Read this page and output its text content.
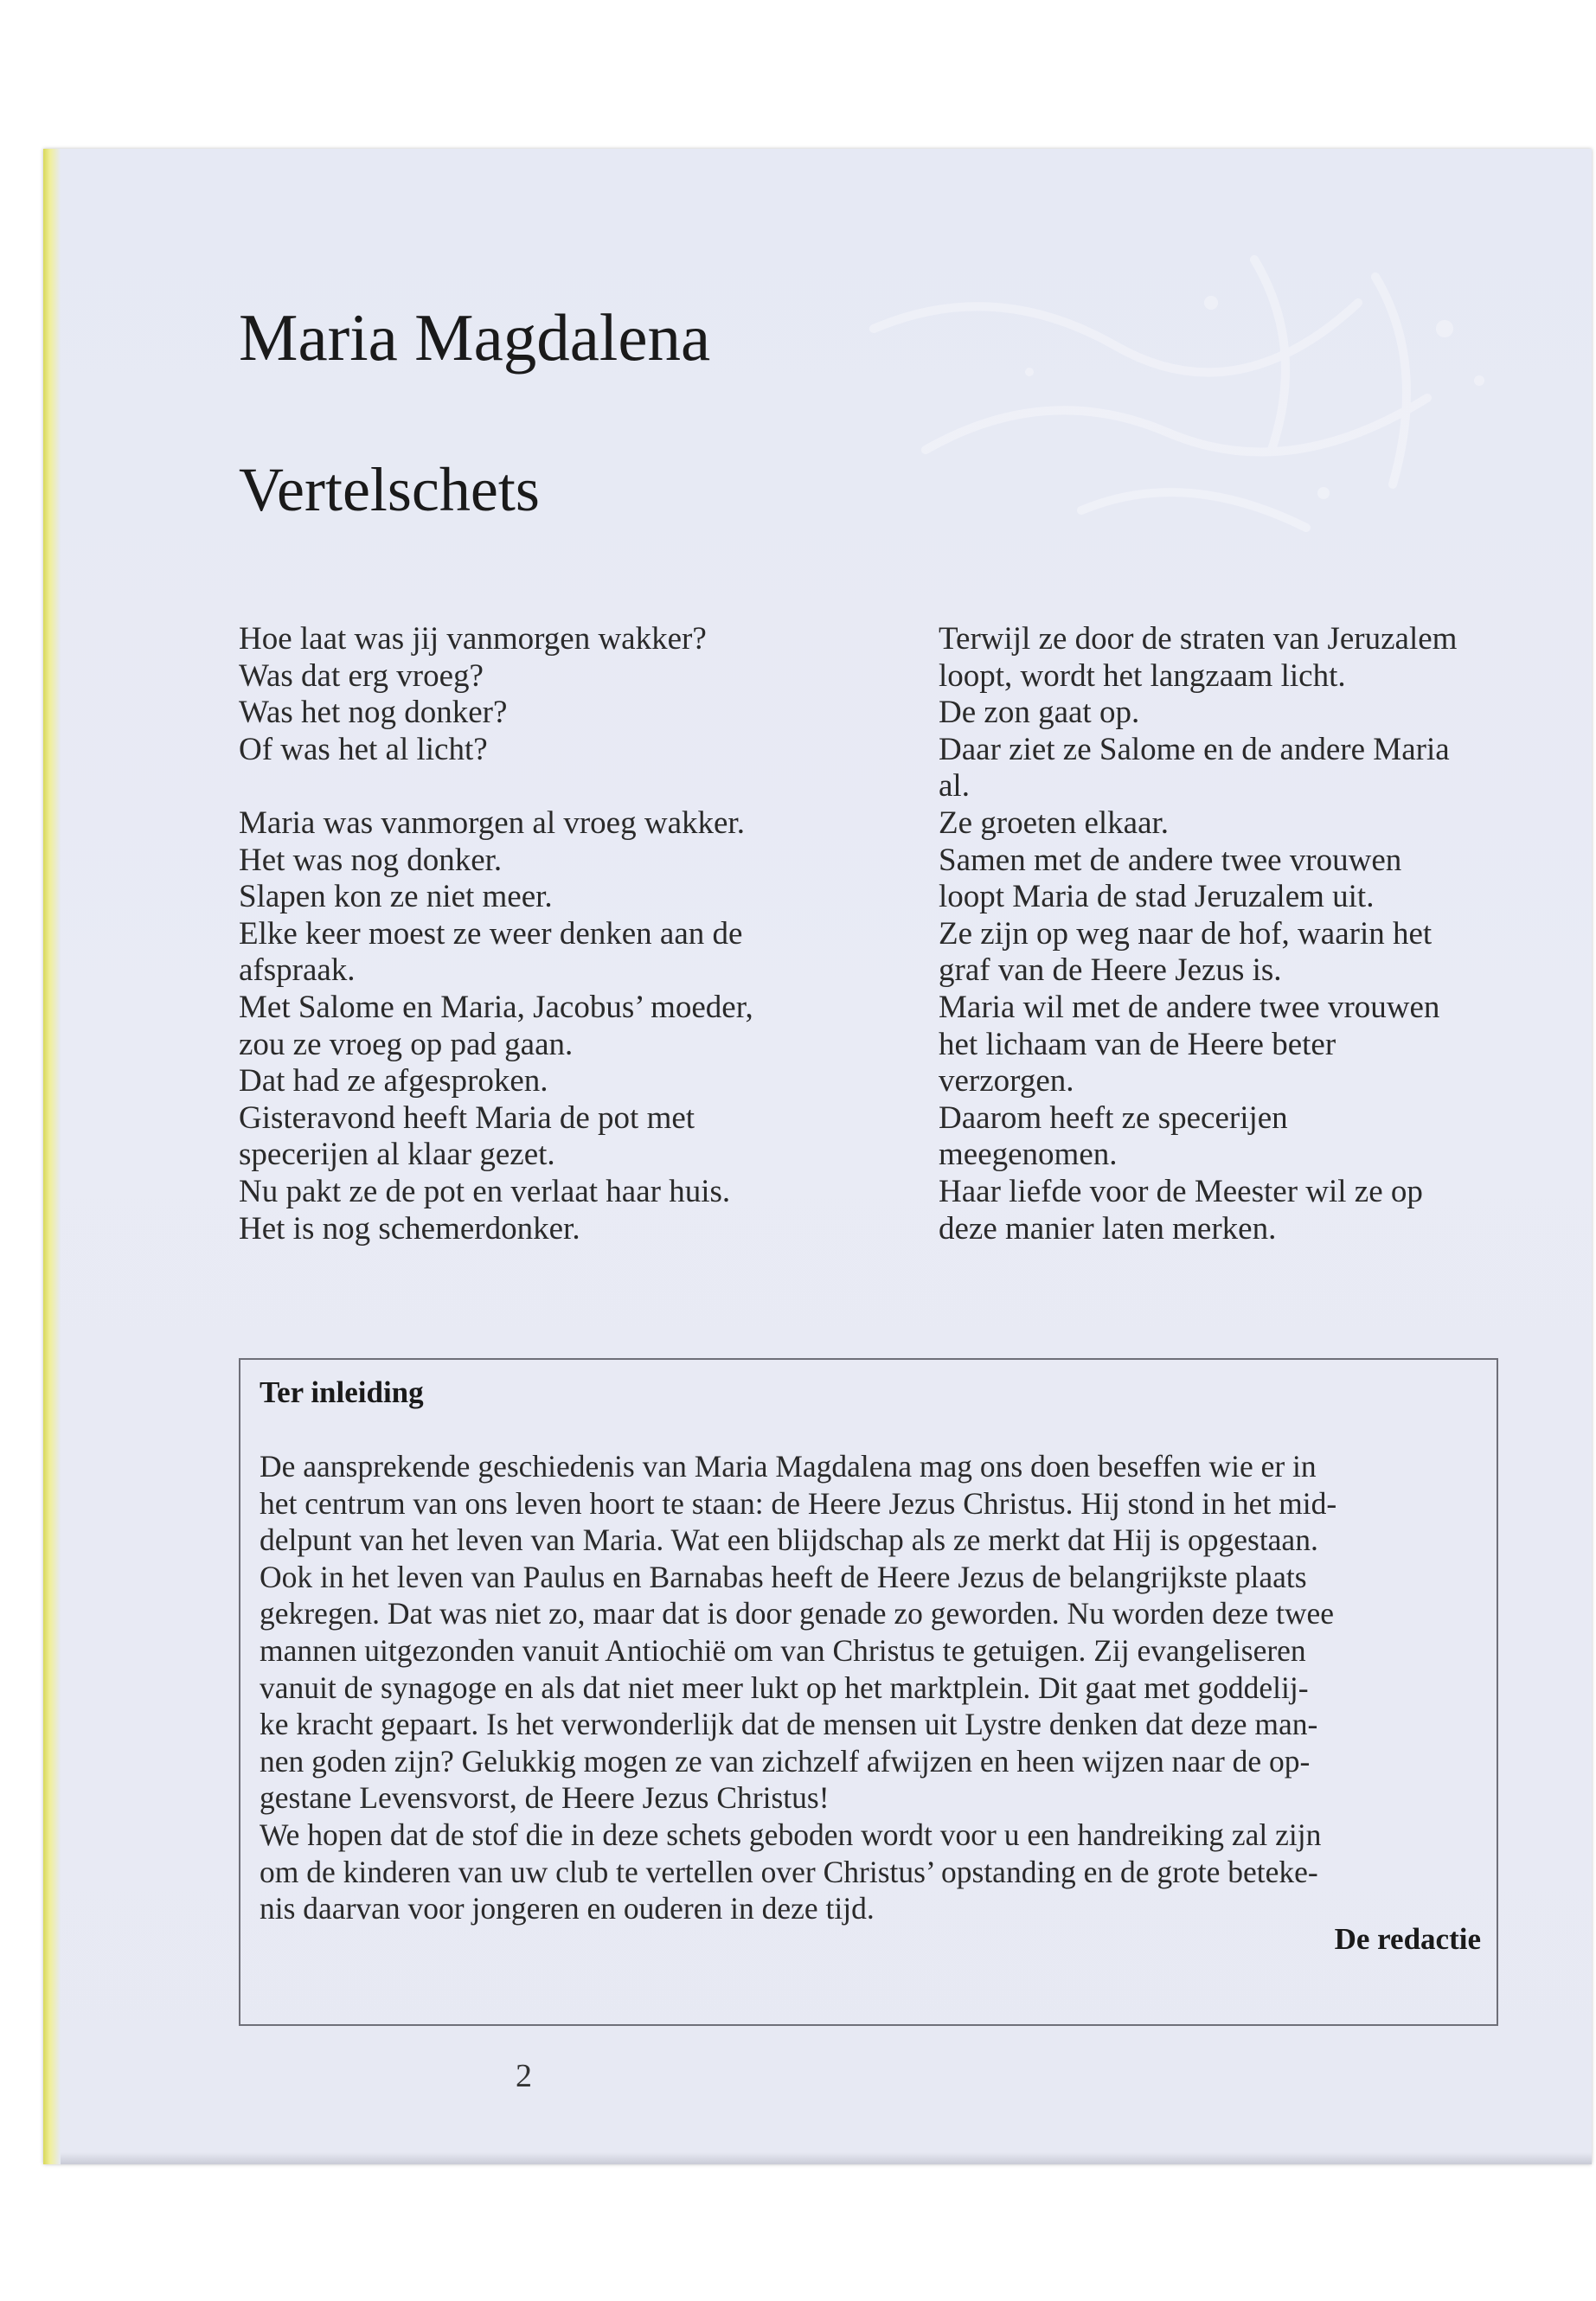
Maria Magdalena
Vertelschets
Hoe laat was jij vanmorgen wakker?
Was dat erg vroeg?
Was het nog donker?
Of was het al licht?
Maria was vanmorgen al vroeg wakker.
Het was nog donker.
Slapen kon ze niet meer.
Elke keer moest ze weer denken aan de
afspraak.
Met Salome en Maria, Jacobus’ moeder,
zou ze vroeg op pad gaan.
Dat had ze afgesproken.
Gisteravond heeft Maria de pot met
specerijen al klaar gezet.
Nu pakt ze de pot en verlaat haar huis.
Het is nog schemerdonker.
Terwijl ze door de straten van Jeruzalem
loopt, wordt het langzaam licht.
De zon gaat op.
Daar ziet ze Salome en de andere Maria
al.
Ze groeten elkaar.
Samen met de andere twee vrouwen
loopt Maria de stad Jeruzalem uit.
Ze zijn op weg naar de hof, waarin het
graf van de Heere Jezus is.
Maria wil met de andere twee vrouwen
het lichaam van de Heere beter
verzorgen.
Daarom heeft ze specerijen
meegenomen.
Haar liefde voor de Meester wil ze op
deze manier laten merken.
Ter inleiding
De aansprekende geschiedenis van Maria Magdalena mag ons doen beseffen wie er in
het centrum van ons leven hoort te staan: de Heere Jezus Christus. Hij stond in het mid-
delpunt van het leven van Maria. Wat een blijdschap als ze merkt dat Hij is opgestaan.
Ook in het leven van Paulus en Barnabas heeft de Heere Jezus de belangrijkste plaats
gekregen. Dat was niet zo, maar dat is door genade zo geworden. Nu worden deze twee
mannen uitgezonden vanuit Antiochië om van Christus te getuigen. Zij evangeliseren
vanuit de synagoge en als dat niet meer lukt op het marktplein. Dit gaat met goddelij-
ke kracht gepaart. Is het verwonderlijk dat de mensen uit Lystre denken dat deze man-
nen goden zijn? Gelukkig mogen ze van zichzelf afwijzen en heen wijzen naar de op-
gestane Levensvorst, de Heere Jezus Christus!
We hopen dat de stof die in deze schets geboden wordt voor u een handreiking zal zijn
om de kinderen van uw club te vertellen over Christus’ opstanding en de grote beteke-
nis daarvan voor jongeren en ouderen in deze tijd.
De redactie
2
